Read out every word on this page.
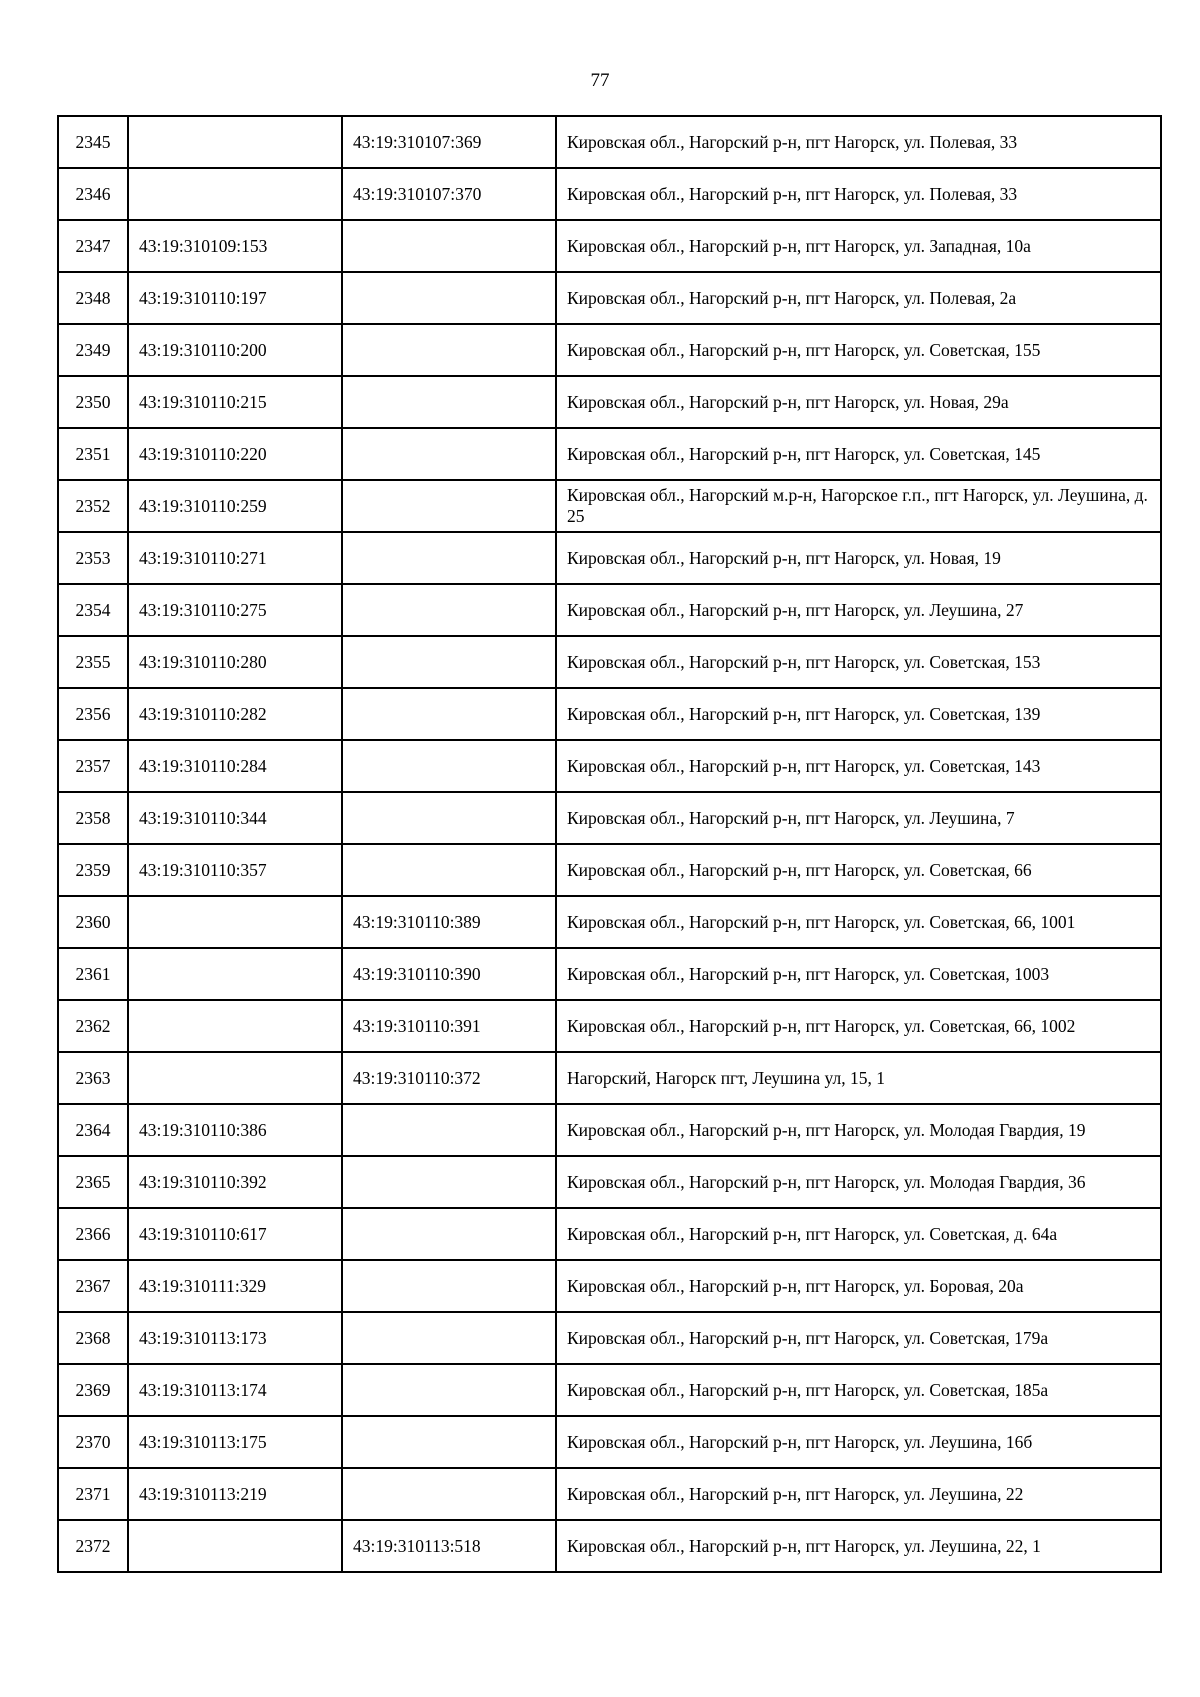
77
2345		43:19:310107:369	Кировская обл., Нагорский р-н, пгт Нагорск, ул. Полевая, 33
2346		43:19:310107:370	Кировская обл., Нагорский р-н, пгт Нагорск, ул. Полевая, 33
2347	43:19:310109:153		Кировская обл., Нагорский р-н, пгт Нагорск, ул. Западная, 10а
2348	43:19:310110:197		Кировская обл., Нагорский р-н, пгт Нагорск, ул. Полевая, 2а
2349	43:19:310110:200		Кировская обл., Нагорский р-н, пгт Нагорск, ул. Советская, 155
2350	43:19:310110:215		Кировская обл., Нагорский р-н, пгт Нагорск, ул. Новая, 29а
2351	43:19:310110:220		Кировская обл., Нагорский р-н, пгт Нагорск, ул. Советская, 145
2352	43:19:310110:259		Кировская обл., Нагорский м.р-н, Нагорское г.п., пгт Нагорск, ул. Леушина, д. 25
2353	43:19:310110:271		Кировская обл., Нагорский р-н, пгт Нагорск, ул. Новая, 19
2354	43:19:310110:275		Кировская обл., Нагорский р-н, пгт Нагорск, ул. Леушина, 27
2355	43:19:310110:280		Кировская обл., Нагорский р-н, пгт Нагорск, ул. Советская, 153
2356	43:19:310110:282		Кировская обл., Нагорский р-н, пгт Нагорск, ул. Советская, 139
2357	43:19:310110:284		Кировская обл., Нагорский р-н, пгт Нагорск, ул. Советская, 143
2358	43:19:310110:344		Кировская обл., Нагорский р-н, пгт Нагорск, ул. Леушина, 7
2359	43:19:310110:357		Кировская обл., Нагорский р-н, пгт Нагорск, ул. Советская, 66
2360		43:19:310110:389	Кировская обл., Нагорский р-н, пгт Нагорск, ул. Советская, 66, 1001
2361		43:19:310110:390	Кировская обл., Нагорский р-н, пгт Нагорск, ул. Советская, 1003
2362		43:19:310110:391	Кировская обл., Нагорский р-н, пгт Нагорск, ул. Советская, 66, 1002
2363		43:19:310110:372	Нагорский, Нагорск пгт, Леушина ул, 15, 1
2364	43:19:310110:386		Кировская обл., Нагорский р-н, пгт Нагорск, ул. Молодая Гвардия, 19
2365	43:19:310110:392		Кировская обл., Нагорский р-н, пгт Нагорск, ул. Молодая Гвардия, 36
2366	43:19:310110:617		Кировская обл., Нагорский р-н, пгт Нагорск, ул. Советская, д. 64а
2367	43:19:310111:329		Кировская обл., Нагорский р-н, пгт Нагорск, ул. Боровая, 20а
2368	43:19:310113:173		Кировская обл., Нагорский р-н, пгт Нагорск, ул. Советская, 179а
2369	43:19:310113:174		Кировская обл., Нагорский р-н, пгт Нагорск, ул. Советская, 185а
2370	43:19:310113:175		Кировская обл., Нагорский р-н, пгт Нагорск, ул. Леушина, 16б
2371	43:19:310113:219		Кировская обл., Нагорский р-н, пгт Нагорск, ул. Леушина, 22
2372		43:19:310113:518	Кировская обл., Нагорский р-н, пгт Нагорск, ул. Леушина, 22, 1
